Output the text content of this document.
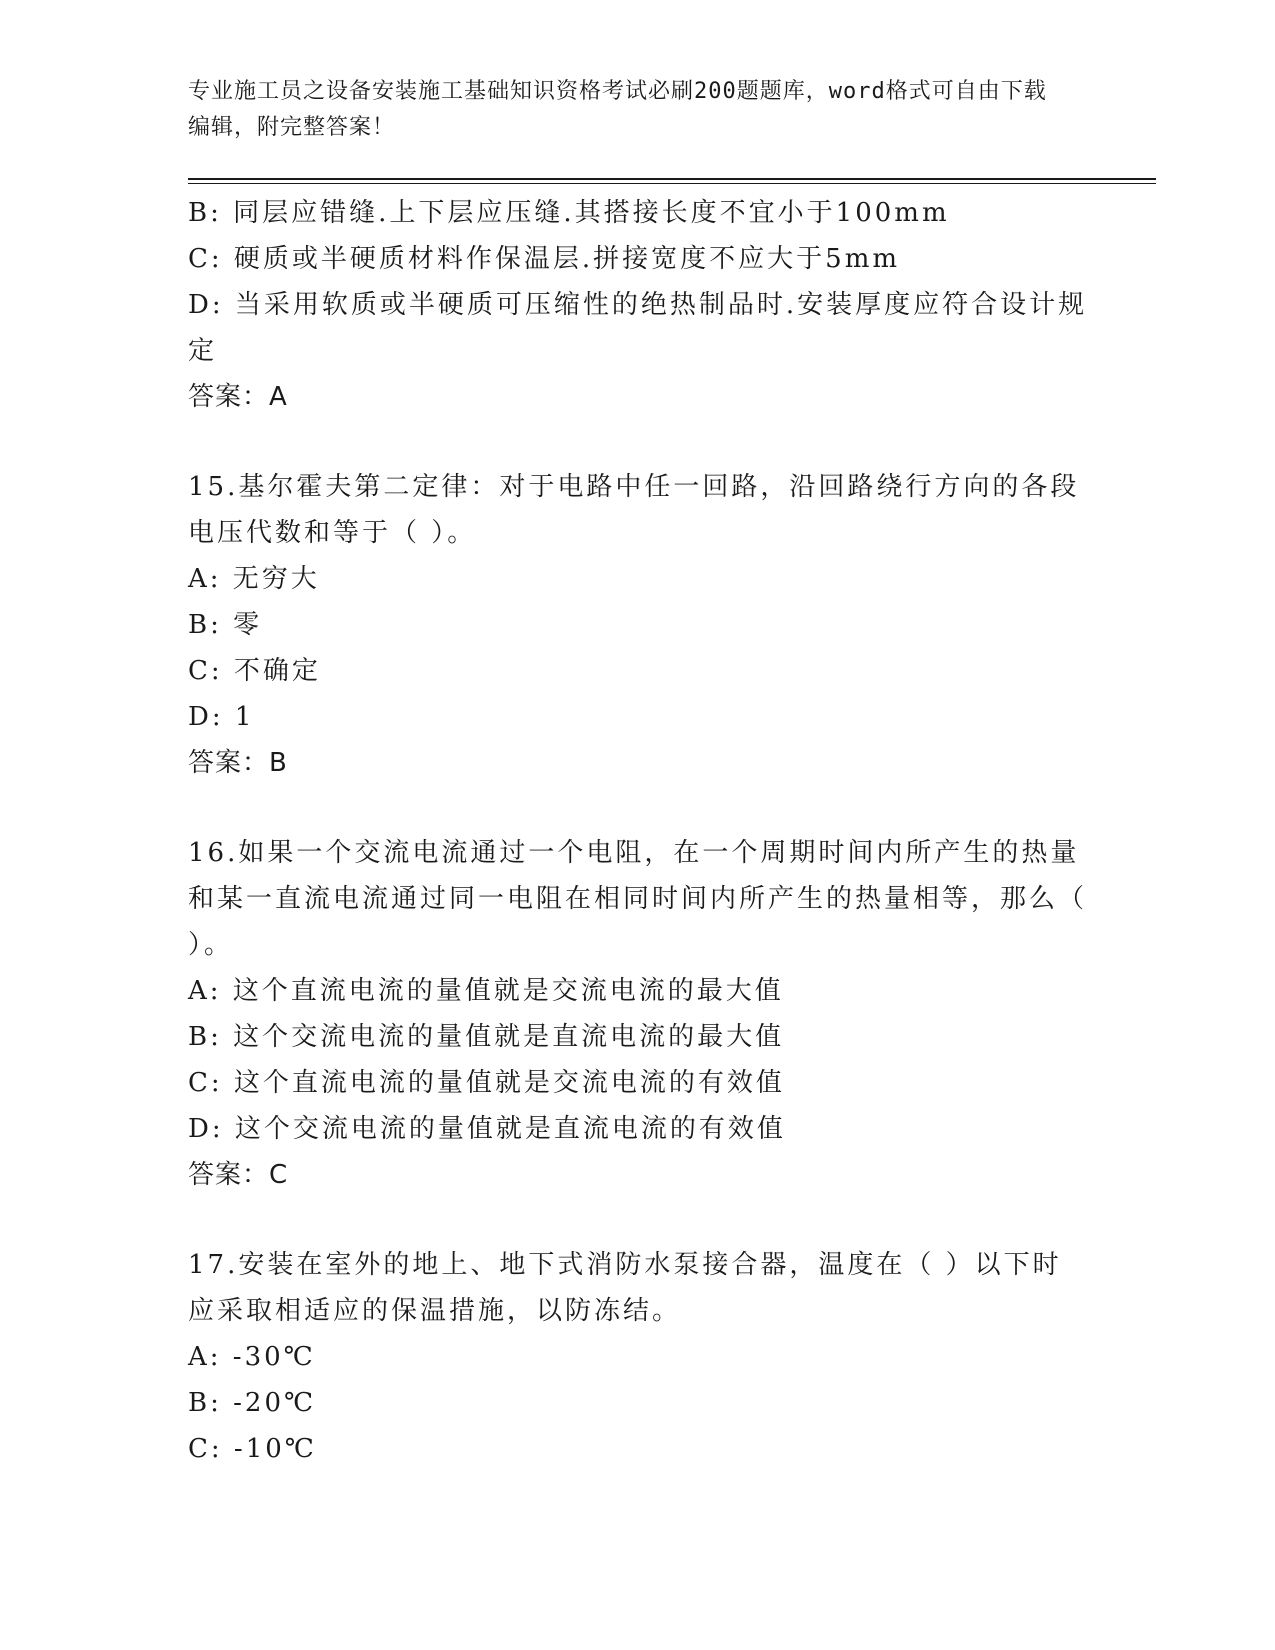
专业施工员之设备安装施工基础知识资格考试必刷200题题库，word格式可自由下载编辑，附完整答案！
B: 同层应错缝.上下层应压缝.其搭接长度不宜小于100mm
C: 硬质或半硬质材料作保温层.拼接宽度不应大于5mm
D: 当采用软质或半硬质可压缩性的绝热制品时.安装厚度应符合设计规定
答案：A
15.基尔霍夫第二定律：对于电路中任一回路，沿回路绕行方向的各段电压代数和等于（ ）。
A: 无穷大
B: 零
C: 不确定
D: 1
答案：B
16.如果一个交流电流通过一个电阻，在一个周期时间内所产生的热量和某一直流电流通过同一电阻在相同时间内所产生的热量相等，那么（ ）。
A: 这个直流电流的量值就是交流电流的最大值
B: 这个交流电流的量值就是直流电流的最大值
C: 这个直流电流的量值就是交流电流的有效值
D: 这个交流电流的量值就是直流电流的有效值
答案：C
17.安装在室外的地上、地下式消防水泵接合器，温度在（ ）以下时应采取相适应的保温措施，以防冻结。
A: -30℃
B: -20℃
C: -10℃
